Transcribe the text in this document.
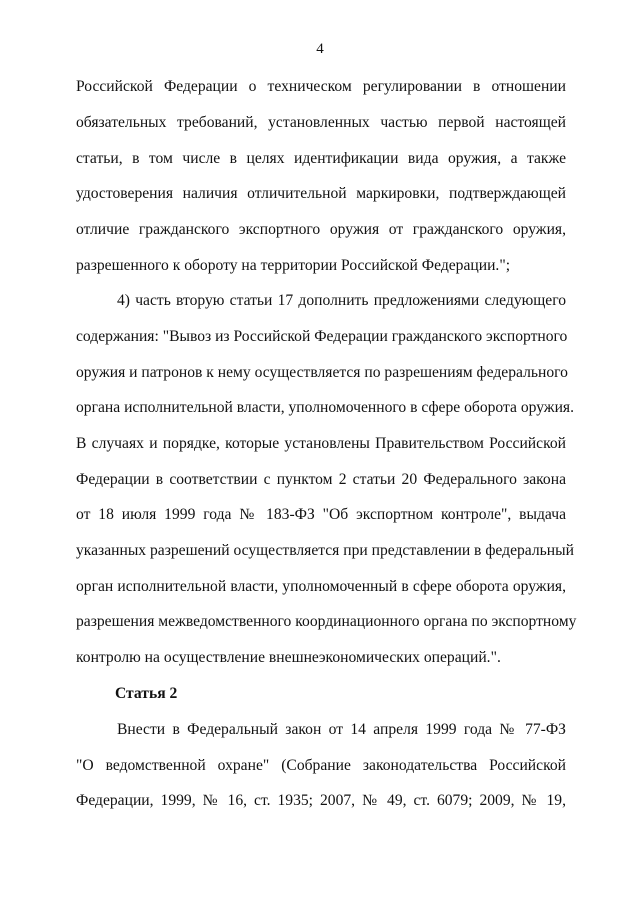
4
Российской Федерации о техническом регулировании в отношении
обязательных требований, установленных частью первой настоящей
статьи, в том числе в целях идентификации вида оружия, а также
удостоверения наличия отличительной маркировки, подтверждающей
отличие гражданского экспортного оружия от гражданского оружия,
разрешенного к обороту на территории Российской Федерации.";
4) часть вторую статьи 17 дополнить предложениями следующего
содержания: "Вывоз из Российской Федерации гражданского экспортного
оружия и патронов к нему осуществляется по разрешениям федерального
органа исполнительной власти, уполномоченного в сфере оборота оружия.
В случаях и порядке, которые установлены Правительством Российской
Федерации в соответствии с пунктом 2 статьи 20 Федерального закона
от 18 июля 1999 года № 183-ФЗ "Об экспортном контроле", выдача
указанных разрешений осуществляется при представлении в федеральный
орган исполнительной власти, уполномоченный в сфере оборота оружия,
разрешения межведомственного координационного органа по экспортному
контролю на осуществление внешнеэкономических операций.".
Статья 2
Внести в Федеральный закон от 14 апреля 1999 года № 77-ФЗ
"О ведомственной охране" (Собрание законодательства Российской
Федерации, 1999, № 16, ст. 1935; 2007, № 49, ст. 6079; 2009, № 19,
